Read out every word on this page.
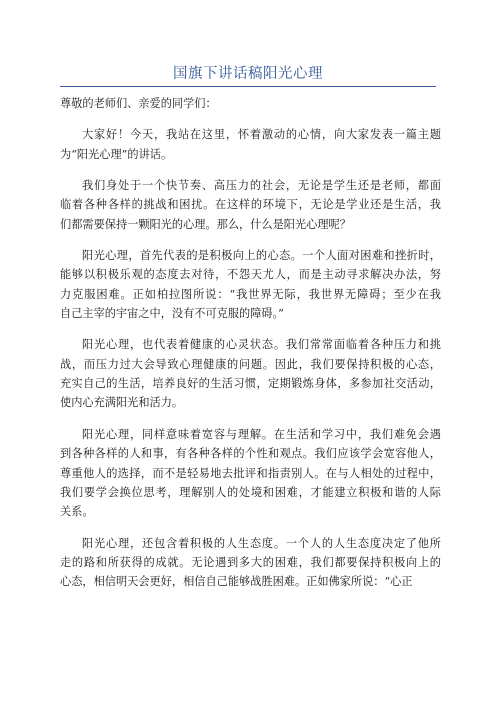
国旗下讲话稿阳光心理
尊敬的老师们、亲爱的同学们：
大家好！今天，我站在这里，怀着激动的心情，向大家发表一篇主题
为“阳光心理”的讲话。
我们身处于一个快节奏、高压力的社会，无论是学生还是老师，都面
临着各种各样的挑战和困扰。在这样的环境下，无论是学业还是生活，我
们都需要保持一颗阳光的心理。那么，什么是阳光心理呢？
阳光心理，首先代表的是积极向上的心态。一个人面对困难和挫折时，
能够以积极乐观的态度去对待，不怨天尤人，而是主动寻求解决办法，努
力克服困难。正如柏拉图所说：“我世界无际，我世界无障碍；至少在我
自己主宰的宇宙之中，没有不可克服的障碍。”
阳光心理，也代表着健康的心灵状态。我们常常面临着各种压力和挑
战，而压力过大会导致心理健康的问题。因此，我们要保持积极的心态，
充实自己的生活，培养良好的生活习惯，定期锻炼身体，多参加社交活动，
使内心充满阳光和活力。
阳光心理，同样意味着宽容与理解。在生活和学习中，我们难免会遇
到各种各样的人和事，有各种各样的个性和观点。我们应该学会宽容他人，
尊重他人的选择，而不是轻易地去批评和指责别人。在与人相处的过程中，
我们要学会换位思考，理解别人的处境和困难，才能建立积极和谐的人际
关系。
阳光心理，还包含着积极的人生态度。一个人的人生态度决定了他所
走的路和所获得的成就。无论遇到多大的困难，我们都要保持积极向上的
心态，相信明天会更好，相信自己能够战胜困难。正如佛家所说：“心正
